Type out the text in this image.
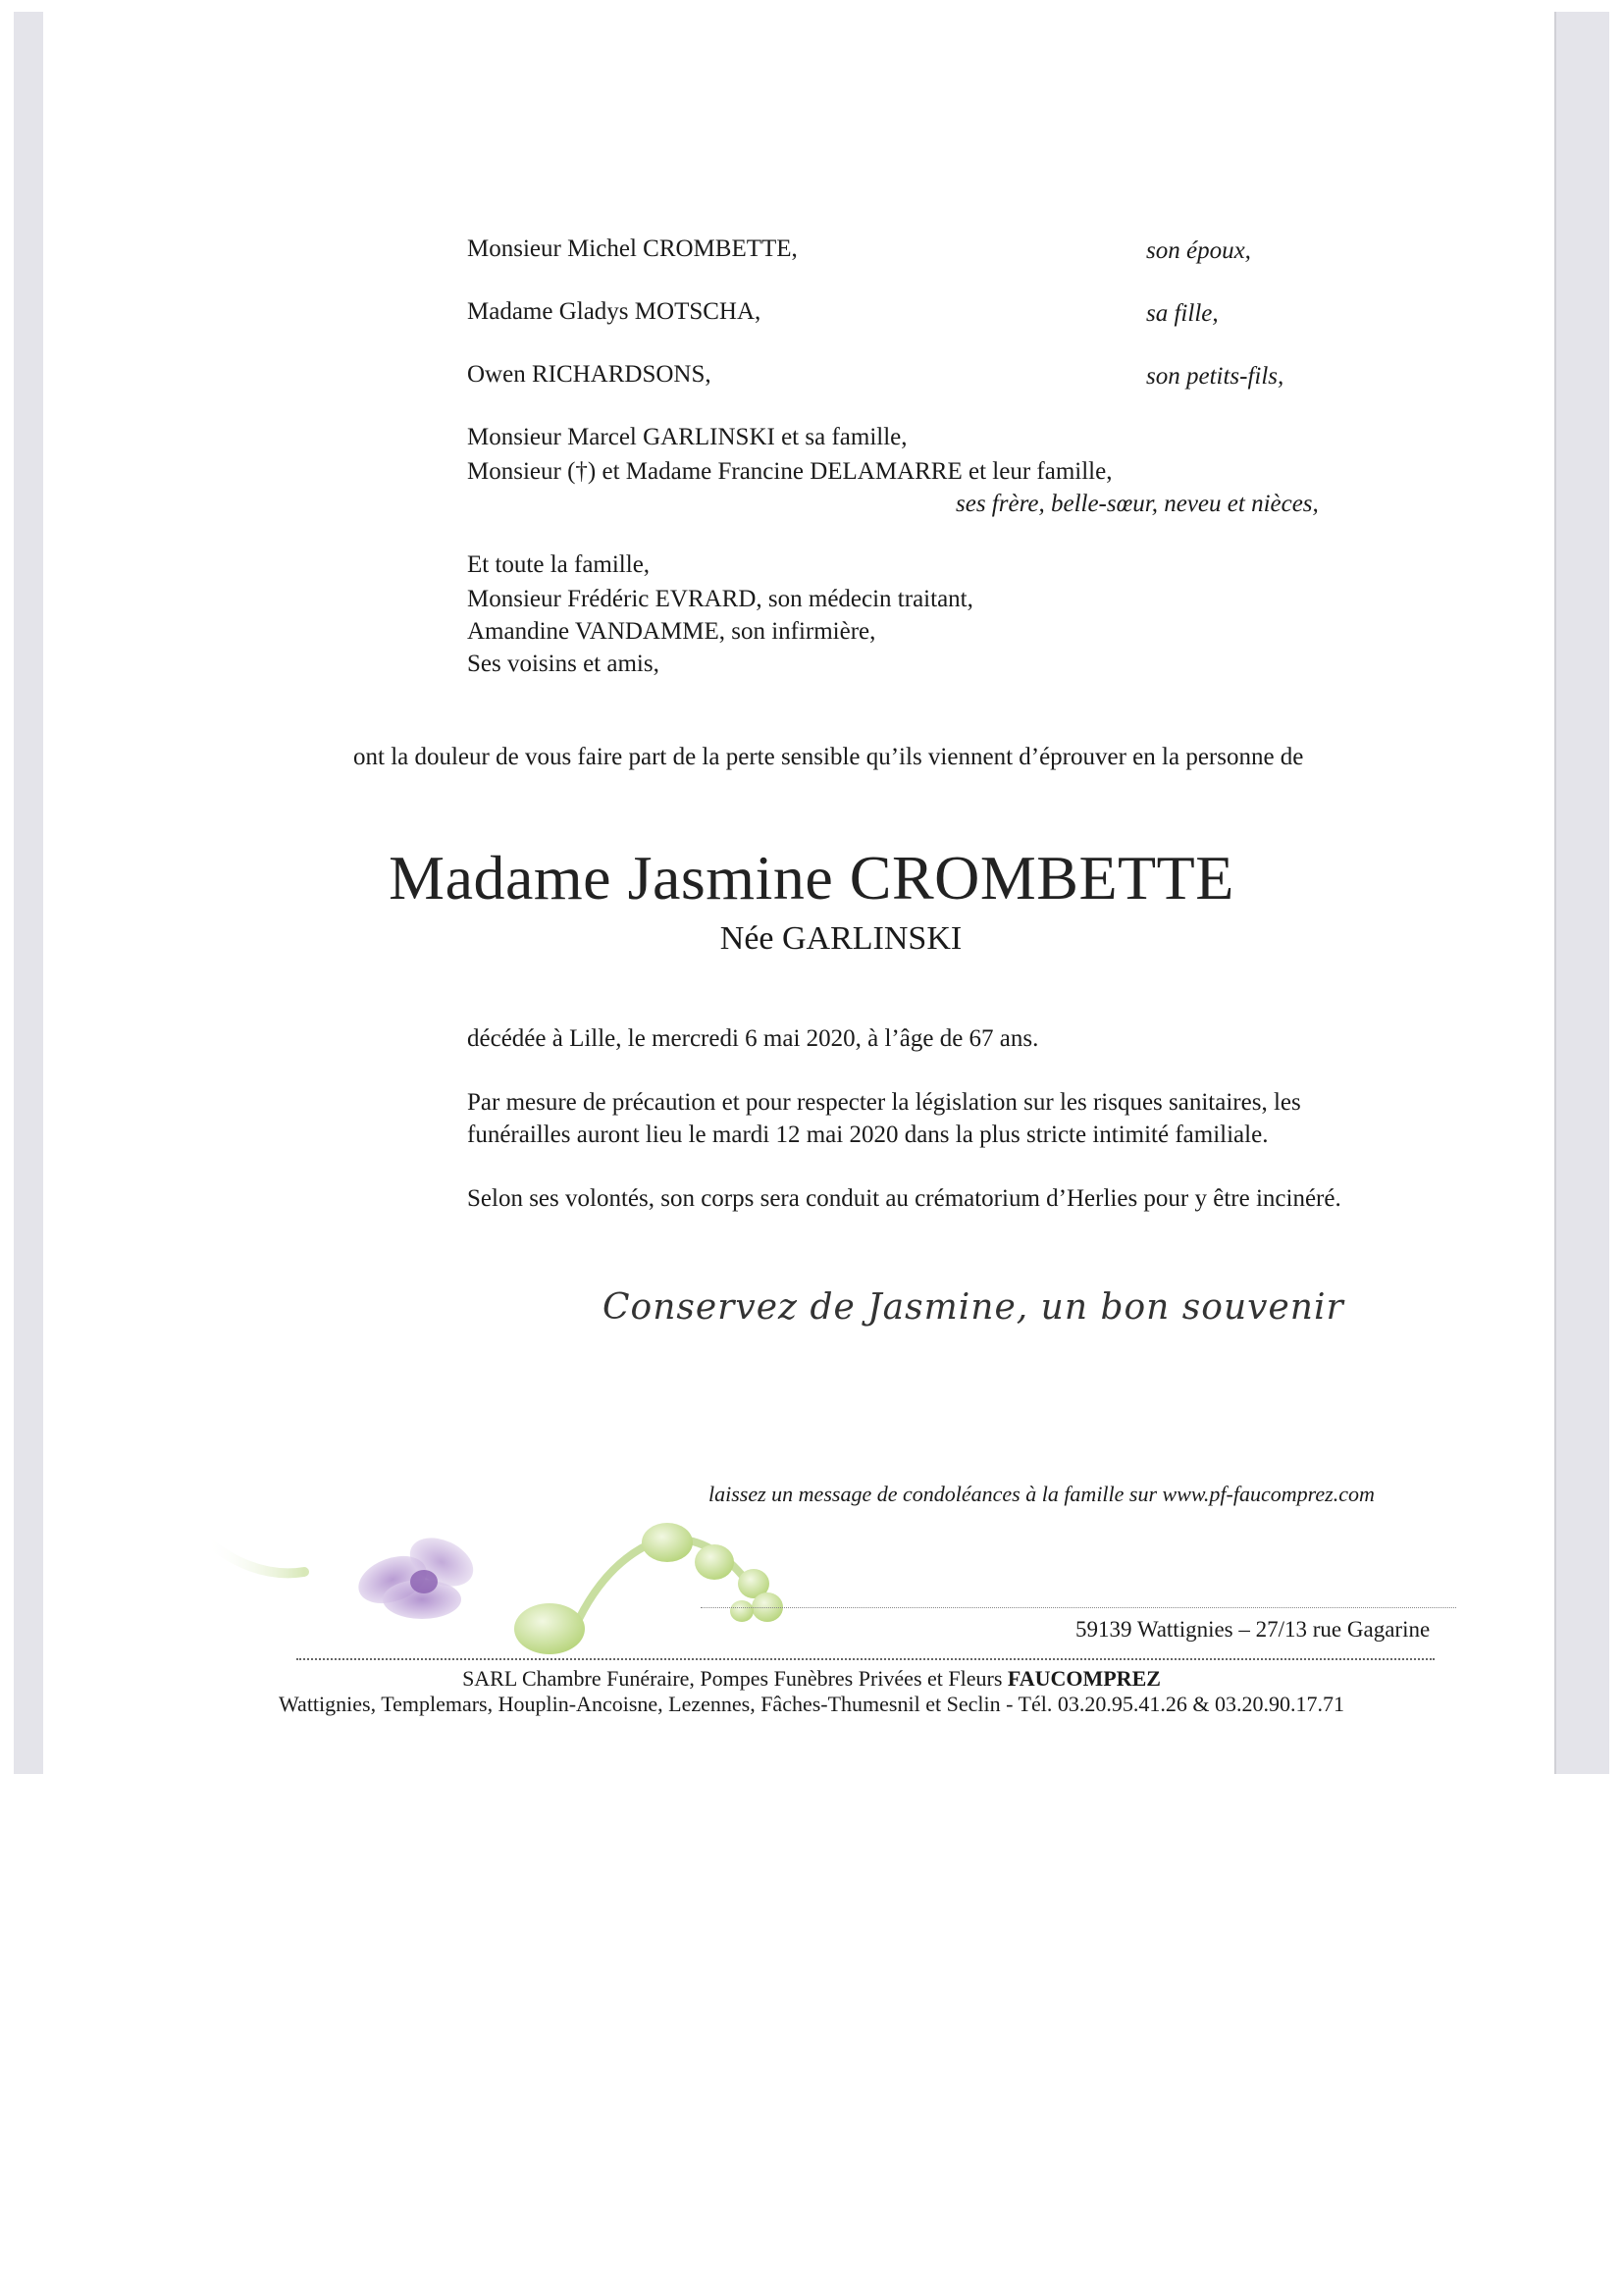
Monsieur Michel CROMBETTE,	son époux,
Madame Gladys MOTSCHA,	sa fille,
Owen RICHARDSONS,	son petits-fils,
Monsieur Marcel GARLINSKI et sa famille,
Monsieur (†) et Madame Francine DELAMARRE et leur famille,
ses frère, belle-sœur, neveu et nièces,
Et toute la famille,
Monsieur Frédéric EVRARD, son médecin traitant,
Amandine VANDAMME, son infirmière,
Ses voisins et amis,
ont la douleur de vous faire part de la perte sensible qu’ils viennent d’éprouver en la personne de
Madame Jasmine CROMBETTE
Née GARLINSKI
décédée à Lille, le mercredi 6 mai 2020, à l’âge de 67 ans.
Par mesure de précaution et pour respecter la législation sur les risques sanitaires, les
funérailles auront lieu le mardi 12 mai 2020 dans la plus stricte intimité familiale.
Selon ses volontés, son corps sera conduit au crématorium d’Herlies pour y être incinéré.
Conservez de Jasmine, un bon souvenir
laissez un message de condoléances à la famille sur www.pf-faucomprez.com
59139 Wattignies – 27/13 rue Gagarine
SARL Chambre Funéraire, Pompes Funèbres Privées et Fleurs FAUCOMPREZ
Wattignies, Templemars, Houplin-Ancoisne, Lezennes, Fâches-Thumesnil et Seclin - Tél. 03.20.95.41.26 & 03.20.90.17.71
